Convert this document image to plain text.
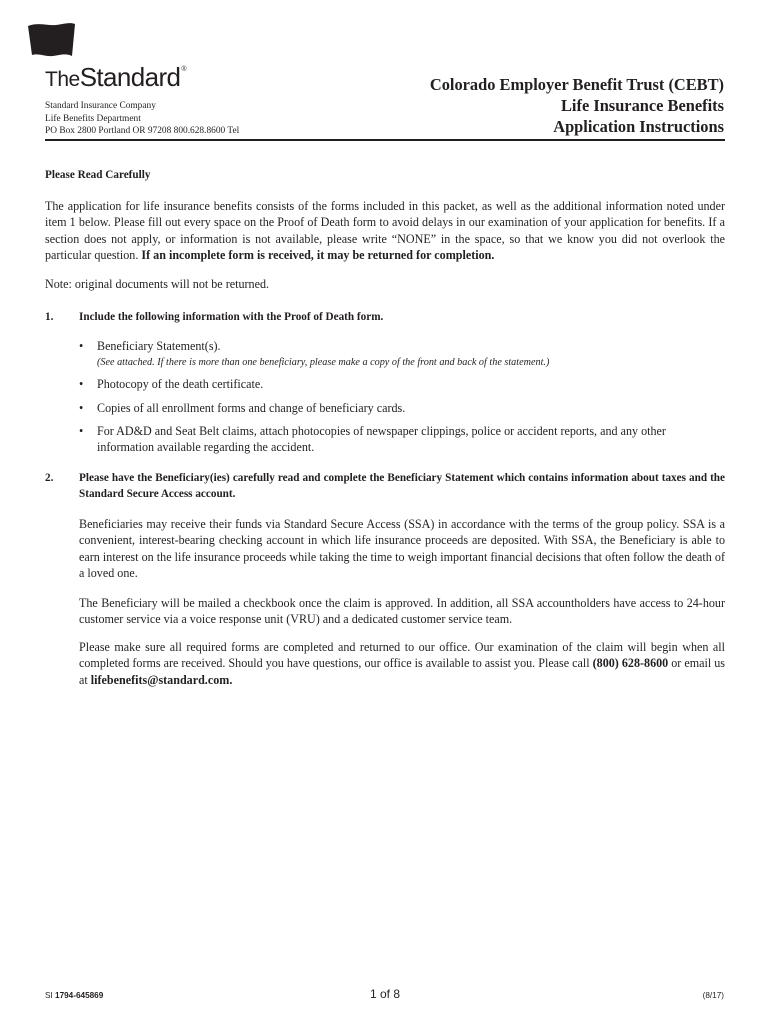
TheStandard®
Standard Insurance Company
Life Benefits Department
PO Box 2800 Portland OR 97208 800.628.8600 Tel
Colorado Employer Benefit Trust (CEBT)
Life Insurance Benefits
Application Instructions
Please Read Carefully
The application for life insurance benefits consists of the forms included in this packet, as well as the additional information noted under item 1 below. Please fill out every space on the Proof of Death form to avoid delays in our examination of your application for benefits. If a section does not apply, or information is not available, please write “NONE” in the space, so that we know you did not overlook the particular question. If an incomplete form is received, it may be returned for completion.
Note: original documents will not be returned.
1. Include the following information with the Proof of Death form.
• Beneficiary Statement(s).
(See attached. If there is more than one beneficiary, please make a copy of the front and back of the statement.)
• Photocopy of the death certificate.
• Copies of all enrollment forms and change of beneficiary cards.
• For AD&D and Seat Belt claims, attach photocopies of newspaper clippings, police or accident reports, and any other information available regarding the accident.
2. Please have the Beneficiary(ies) carefully read and complete the Beneficiary Statement which contains information about taxes and the Standard Secure Access account.
Beneficiaries may receive their funds via Standard Secure Access (SSA) in accordance with the terms of the group policy. SSA is a convenient, interest-bearing checking account in which life insurance proceeds are deposited. With SSA, the Beneficiary is able to earn interest on the life insurance proceeds while taking the time to weigh important financial decisions that often follow the death of a loved one.
The Beneficiary will be mailed a checkbook once the claim is approved. In addition, all SSA accountholders have access to 24-hour customer service via a voice response unit (VRU) and a dedicated customer service team.
Please make sure all required forms are completed and returned to our office. Our examination of the claim will begin when all completed forms are received. Should you have questions, our office is available to assist you. Please call (800) 628-8600 or email us at lifebenefits@standard.com.
SI 1794-645869	1 of 8	(8/17)
